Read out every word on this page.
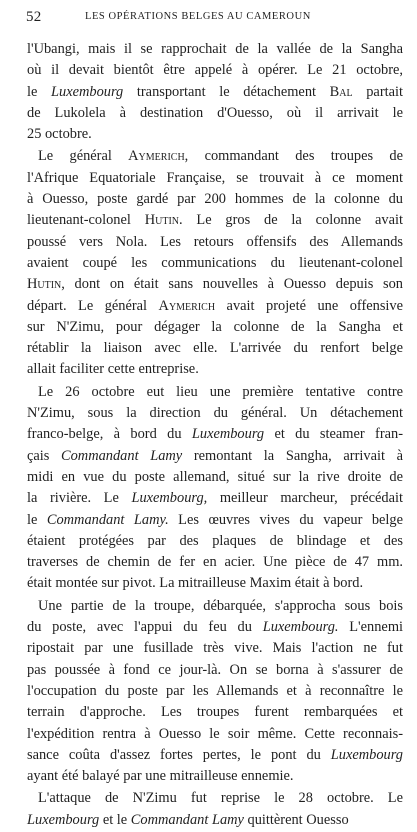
52	LES OPÉRATIONS BELGES AU CAMEROUN
l'Ubangi, mais il se rapprochait de la vallée de la Sangha
où il devait bientôt être appelé à opérer. Le 21 octobre,
le Luxembourg transportant le détachement Bal partait
de Lukolela à destination d'Ouesso, où il arrivait le
25 octobre.
Le général Aymerich, commandant des troupes de
l'Afrique Equatoriale Française, se trouvait à ce moment
à Ouesso, poste gardé par 200 hommes de la colonne du
lieutenant-colonel Hutin. Le gros de la colonne avait
poussé vers Nola. Les retours offensifs des Allemands
avaient coupé les communications du lieutenant-colonel
Hutin, dont on était sans nouvelles à Ouesso depuis son
départ. Le général Aymerich avait projeté une offensive
sur N'Zimu, pour dégager la colonne de la Sangha et
rétablir la liaison avec elle. L'arrivée du renfort belge
allait faciliter cette entreprise.
Le 26 octobre eut lieu une première tentative contre
N'Zimu, sous la direction du général. Un détachement
franco-belge, à bord du Luxembourg et du steamer fran-
çais Commandant Lamy remontant la Sangha, arrivait à
midi en vue du poste allemand, situé sur la rive droite de
la rivière. Le Luxembourg, meilleur marcheur, précédait
le Commandant Lamy. Les œuvres vives du vapeur belge
étaient protégées par des plaques de blindage et des
traverses de chemin de fer en acier. Une pièce de 47 mm.
était montée sur pivot. La mitrailleuse Maxim était à bord.
Une partie de la troupe, débarquée, s'approcha sous bois
du poste, avec l'appui du feu du Luxembourg. L'ennemi
ripostait par une fusillade très vive. Mais l'action ne fut
pas poussée à fond ce jour-là. On se borna à s'assurer de
l'occupation du poste par les Allemands et à reconnaître le
terrain d'approche. Les troupes furent rembarquées et
l'expédition rentra à Ouesso le soir même. Cette reconnais-
sance coûta d'assez fortes pertes, le pont du Luxembourg
ayant été balayé par une mitrailleuse ennemie.
L'attaque de N'Zimu fut reprise le 28 octobre. Le
Luxembourg et le Commandant Lamy quittèrent Ouesso
